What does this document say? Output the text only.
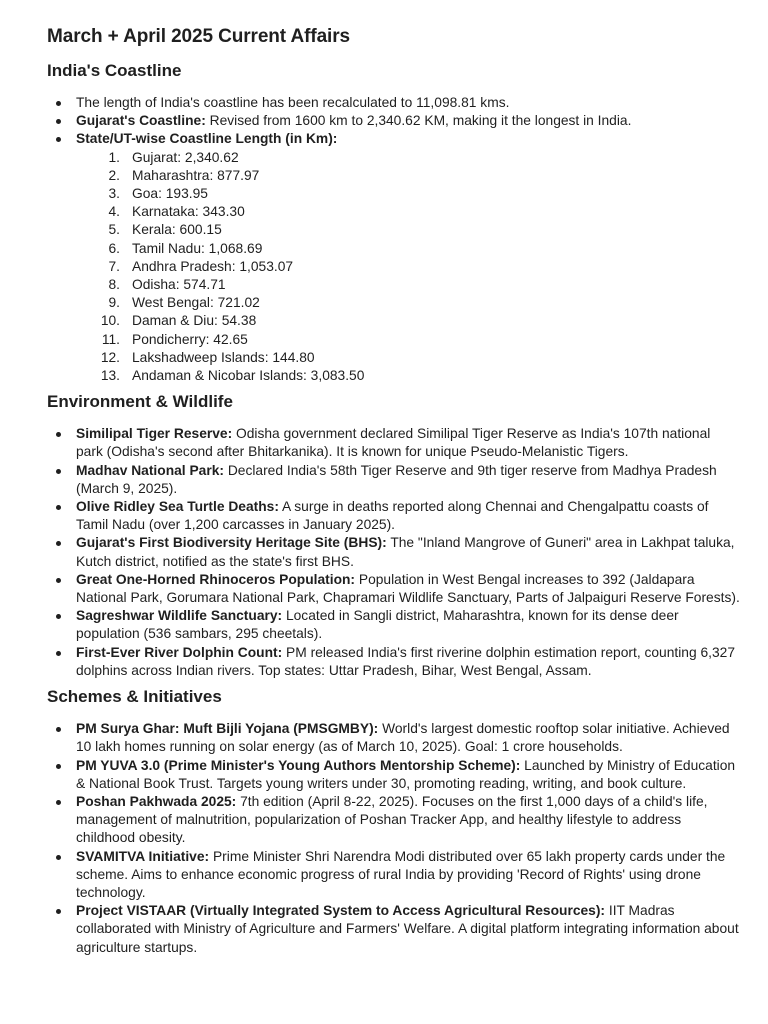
March + April 2025 Current Affairs
India's Coastline
The length of India's coastline has been recalculated to 11,098.81 kms.
Gujarat's Coastline: Revised from 1600 km to 2,340.62 KM, making it the longest in India.
State/UT-wise Coastline Length (in Km):
1. Gujarat: 2,340.62
2. Maharashtra: 877.97
3. Goa: 193.95
4. Karnataka: 343.30
5. Kerala: 600.15
6. Tamil Nadu: 1,068.69
7. Andhra Pradesh: 1,053.07
8. Odisha: 574.71
9. West Bengal: 721.02
10. Daman & Diu: 54.38
11. Pondicherry: 42.65
12. Lakshadweep Islands: 144.80
13. Andaman & Nicobar Islands: 3,083.50
Environment & Wildlife
Similipal Tiger Reserve: Odisha government declared Similipal Tiger Reserve as India's 107th national park (Odisha's second after Bhitarkanika). It is known for unique Pseudo-Melanistic Tigers.
Madhav National Park: Declared India's 58th Tiger Reserve and 9th tiger reserve from Madhya Pradesh (March 9, 2025).
Olive Ridley Sea Turtle Deaths: A surge in deaths reported along Chennai and Chengalpattu coasts of Tamil Nadu (over 1,200 carcasses in January 2025).
Gujarat's First Biodiversity Heritage Site (BHS): The "Inland Mangrove of Guneri" area in Lakhpat taluka, Kutch district, notified as the state's first BHS.
Great One-Horned Rhinoceros Population: Population in West Bengal increases to 392 (Jaldapara National Park, Gorumara National Park, Chapramari Wildlife Sanctuary, Parts of Jalpaiguri Reserve Forests).
Sagreshwar Wildlife Sanctuary: Located in Sangli district, Maharashtra, known for its dense deer population (536 sambars, 295 cheetals).
First-Ever River Dolphin Count: PM released India's first riverine dolphin estimation report, counting 6,327 dolphins across Indian rivers. Top states: Uttar Pradesh, Bihar, West Bengal, Assam.
Schemes & Initiatives
PM Surya Ghar: Muft Bijli Yojana (PMSGMBY): World's largest domestic rooftop solar initiative. Achieved 10 lakh homes running on solar energy (as of March 10, 2025). Goal: 1 crore households.
PM YUVA 3.0 (Prime Minister's Young Authors Mentorship Scheme): Launched by Ministry of Education & National Book Trust. Targets young writers under 30, promoting reading, writing, and book culture.
Poshan Pakhwada 2025: 7th edition (April 8-22, 2025). Focuses on the first 1,000 days of a child's life, management of malnutrition, popularization of Poshan Tracker App, and healthy lifestyle to address childhood obesity.
SVAMITVA Initiative: Prime Minister Shri Narendra Modi distributed over 65 lakh property cards under the scheme. Aims to enhance economic progress of rural India by providing 'Record of Rights' using drone technology.
Project VISTAAR (Virtually Integrated System to Access Agricultural Resources): IIT Madras collaborated with Ministry of Agriculture and Farmers' Welfare. A digital platform integrating information about agriculture startups.
